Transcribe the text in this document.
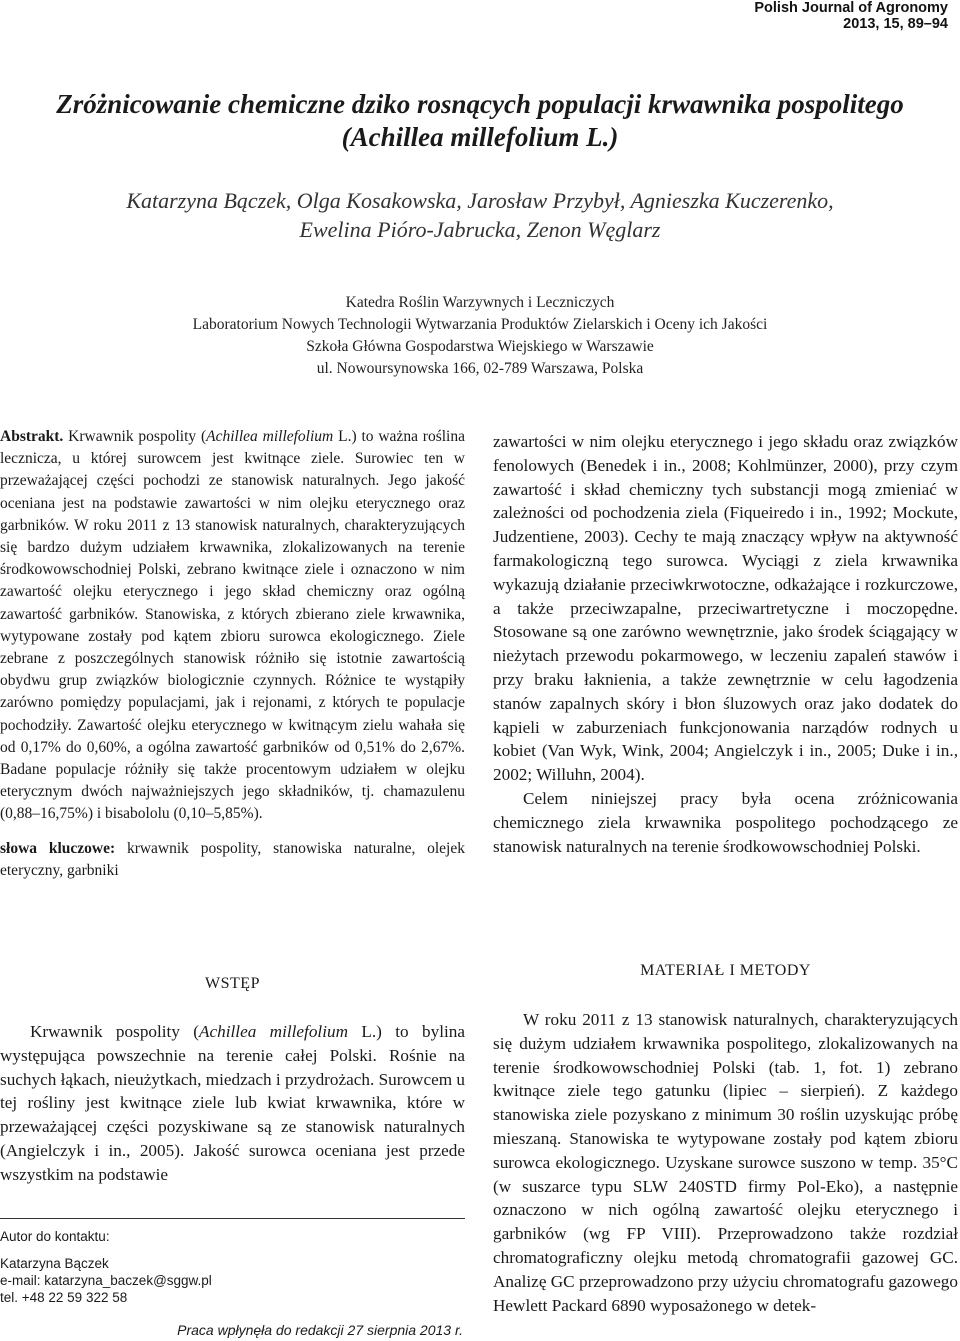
Polish Journal of Agronomy
2013, 15, 89–94
Zróżnicowanie chemiczne dziko rosnących populacji krwawnika pospolitego
(Achillea millefolium L.)
Katarzyna Bączek, Olga Kosakowska, Jarosław Przybył, Agnieszka Kuczerenko,
Ewelina Pióro-Jabrucka, Zenon Węglarz
Katedra Roślin Warzywnych i Leczniczych
Laboratorium Nowych Technologii Wytwarzania Produktów Zielarskich i Oceny ich Jakości
Szkoła Główna Gospodarstwa Wiejskiego w Warszawie
ul. Nowoursynowska 166, 02-789 Warszawa, Polska

Abstrakt. Krwawnik pospolity (Achillea millefolium L.) to ważna roślina lecznicza, u której surowcem jest kwitnące ziele. Surowiec ten w przeważającej części pochodzi ze stanowisk naturalnych. Jego jakość oceniana jest na podstawie zawartości w nim olejku eterycznego oraz garbników. W roku 2011 z 13 stanowisk naturalnych, charakteryzujących się bardzo dużym udziałem krwawnika, zlokalizowanych na terenie środkowowschodniej Polski, zebrano kwitnące ziele i oznaczono w nim zawartość olejku eterycznego i jego skład chemiczny oraz ogólną zawartość garbników. Stanowiska, z których zbierano ziele krwawnika, wytypowane zostały pod kątem zbioru surowca ekologicznego. Ziele zebrane z poszczególnych stanowisk różniło się istotnie zawartością obydwu grup związków biologicznie czynnych. Różnice te wystąpiły zarówno pomiędzy populacjami, jak i rejonami, z których te populacje pochodziły. Zawartość olejku eterycznego w kwitnącym zielu wahała się od 0,17% do 0,60%, a ogólna zawartość garbników od 0,51% do 2,67%. Badane populacje różniły się także procentowym udziałem w olejku eterycznym dwóch najważniejszych jego składników, tj. chamazulenu (0,88–16,75%) i bisabololu (0,10–5,85%).

słowa kluczowe: krwawnik pospolity, stanowiska naturalne, olejek eteryczny, garbniki

zawartości w nim olejku eterycznego i jego składu oraz związków fenolowych (Benedek i in., 2008; Kohlmünzer, 2000), przy czym zawartość i skład chemiczny tych substancji mogą zmieniać w zależności od pochodzenia ziela (Fiqueiredo i in., 1992; Mockute, Judzentiene, 2003). Cechy te mają znaczący wpływ na aktywność farmakologiczną tego surowca. Wyciągi z ziela krwawnika wykazują działanie przeciwkrwotoczne, odkażające i rozkurczowe, a także przeciwzapalne, przeciwartretyczne i moczopędne. Stosowane są one zarówno wewnętrznie, jako środek ściągający w nieżytach przewodu pokarmowego, w leczeniu zapaleń stawów i przy braku łaknienia, a także zewnętrznie w celu łagodzenia stanów zapalnych skóry i błon śluzowych oraz jako dodatek do kąpieli w zaburzeniach funkcjonowania narządów rodnych u kobiet (Van Wyk, Wink, 2004; Angielczyk i in., 2005; Duke i in., 2002; Willuhn, 2004).

Celem niniejszej pracy była ocena zróżnicowania chemicznego ziela krwawnika pospolitego pochodzącego ze stanowisk naturalnych na terenie środkowowschodniej Polski.

WSTĘP
MATERIAŁ I METODY

Krwawnik pospolity (Achillea millefolium L.) to bylina występująca powszechnie na terenie całej Polski. Rośnie na suchych łąkach, nieużytkach, miedzach i przydrożach. Surowcem u tej rośliny jest kwitnące ziele lub kwiat krwawnika, które w przeważającej części pozyskiwane są ze stanowisk naturalnych (Angielczyk i in., 2005). Jakość surowca oceniana jest przede wszystkim na podstawie

W roku 2011 z 13 stanowisk naturalnych, charakteryzujących się dużym udziałem krwawnika pospolitego, zlokalizowanych na terenie środkowowschodniej Polski (tab. 1, fot. 1) zebrano kwitnące ziele tego gatunku (lipiec – sierpień). Z każdego stanowiska ziele pozyskano z minimum 30 roślin uzyskując próbę mieszaną. Stanowiska te wytypowane zostały pod kątem zbioru surowca ekologicznego. Uzyskane surowce suszono w temp. 35°C (w suszarce typu SLW 240STD firmy Pol-Eko), a następnie oznaczono w nich ogólną zawartość olejku eterycznego i garbników (wg FP VIII). Przeprowadzono także rozdział chromatograficzny olejku metodą chromatografii gazowej GC. Analizę GC przeprowadzono przy użyciu chromatografu gazowego Hewlett Packard 6890 wyposażonego w detek-

Autor do kontaktu:
Katarzyna Bączek
e-mail: katarzyna_baczek@sggw.pl
tel. +48 22 59 322 58
Praca wpłynęła do redakcji 27 sierpnia 2013 r.
